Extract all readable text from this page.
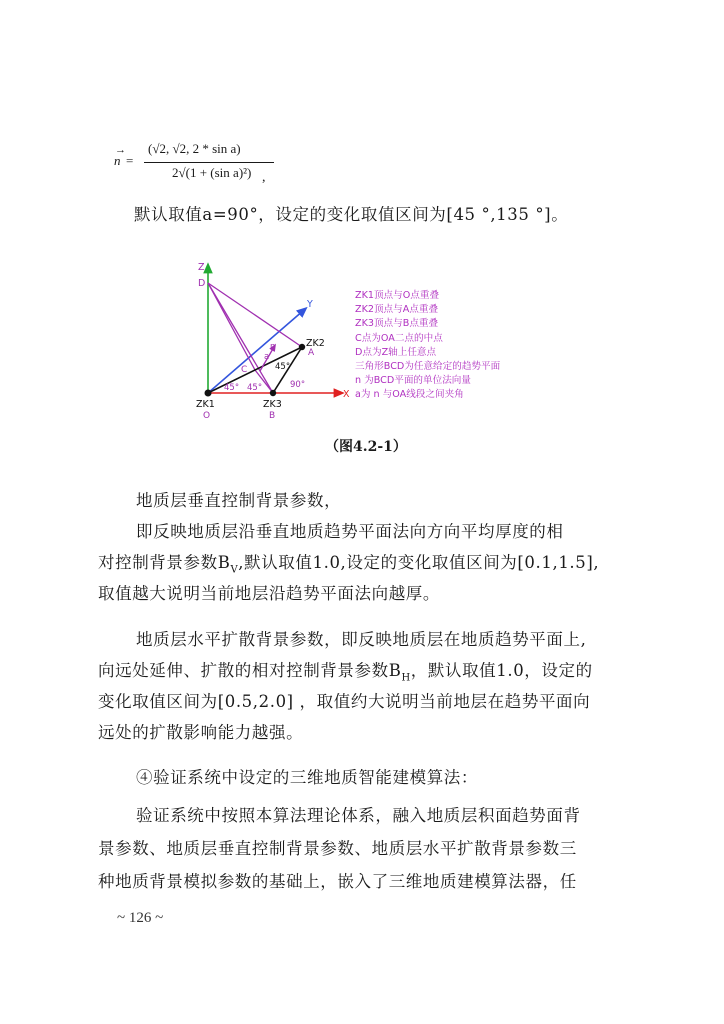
→
n =
(√2, √2, 2 * sin a)
2√(1 + (sin a)²) ,
默认取值a=90°，设定的变化取值区间为[45 °,135 °]。
Z
D
Y
X
ZK2
A
C
n
a
45°
45° 45°	90°
ZK1
O
ZK3
B
ZK1顶点与O点重叠
ZK2顶点与A点重叠
ZK3顶点与B点重叠
C点为OA二点的中点
D点为Z轴上任意点
三角形BCD为任意给定的趋势平面
n 为BCD平面的单位法向量
a为 n 与OA线段之间夹角
（图4.2-1）
地质层垂直控制背景参数，
即反映地质层沿垂直地质趋势平面法向方向平均厚度的相
对控制背景参数$B_V$,默认取值1.0,设定的变化取值区间为[0.1,1.5],
取值越大说明当前地层沿趋势平面法向越厚。
地质层水平扩散背景参数，即反映地质层在地质趋势平面上,
向远处延伸、扩散的相对控制背景参数$B_H$，默认取值1.0，设定的
变化取值区间为[0.5,2.0] ，取值约大说明当前地层在趋势平面向
远处的扩散影响能力越强。
④验证系统中设定的三维地质智能建模算法：
验证系统中按照本算法理论体系，融入地质层积面趋势面背
景参数、地质层垂直控制背景参数、地质层水平扩散背景参数三
种地质背景模拟参数的基础上，嵌入了三维地质建模算法器，任
~ 126 ~
